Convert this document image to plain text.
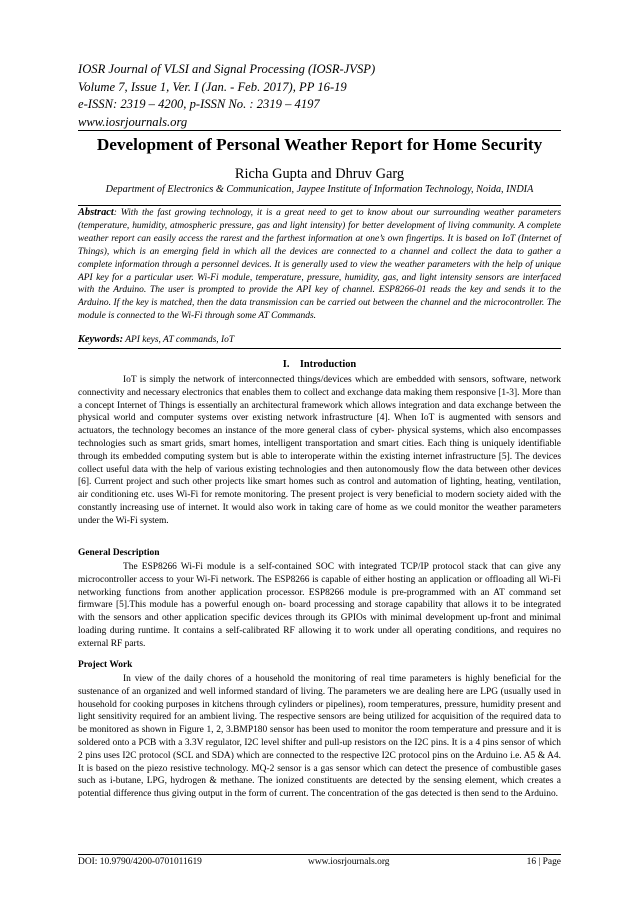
IOSR Journal of VLSI and Signal Processing (IOSR-JVSP)
Volume 7, Issue 1, Ver. I (Jan. - Feb. 2017), PP 16-19
e-ISSN: 2319 – 4200, p-ISSN No. : 2319 – 4197
www.iosrjournals.org
Development of Personal Weather Report for Home Security
Richa Gupta and Dhruv Garg
Department of Electronics & Communication, Jaypee Institute of Information Technology, Noida, INDIA
Abstract: With the fast growing technology, it is a great need to get to know about our surrounding weather parameters (temperature, humidity, atmospheric pressure, gas and light intensity) for better development of living community. A complete weather report can easily access the rarest and the farthest information at one’s own fingertips. It is based on IoT (Internet of Things), which is an emerging field in which all the devices are connected to a channel and collect the data to gather a complete information through a personnel devices. It is generally used to view the weather parameters with the help of unique API key for a particular user. Wi-Fi module, temperature, pressure, humidity, gas, and light intensity sensors are interfaced with the Arduino. The user is prompted to provide the API key of channel. ESP8266-01 reads the key and sends it to the Arduino. If the key is matched, then the data transmission can be carried out between the channel and the microcontroller. The module is connected to the Wi-Fi through some AT Commands.
Keywords: API keys, AT commands, IoT
I.    Introduction
IoT is simply the network of interconnected things/devices which are embedded with sensors, software, network connectivity and necessary electronics that enables them to collect and exchange data making them responsive [1-3]. More than a concept Internet of Things is essentially an architectural framework which allows integration and data exchange between the physical world and computer systems over existing network infrastructure [4]. When IoT is augmented with sensors and actuators, the technology becomes an instance of the more general class of cyber- physical systems, which also encompasses technologies such as smart grids, smart homes, intelligent transportation and smart cities. Each thing is uniquely identifiable through its embedded computing system but is able to interoperate within the existing internet infrastructure [5]. The devices collect useful data with the help of various existing technologies and then autonomously flow the data between other devices [6]. Current project and such other projects like smart homes such as control and automation of lighting, heating, ventilation, air conditioning etc. uses Wi-Fi for remote monitoring. The present project is very beneficial to modern society aided with the constantly increasing use of internet. It would also work in taking care of home as we could monitor the weather parameters under the Wi-Fi system.
General Description
The ESP8266 Wi-Fi module is a self-contained SOC with integrated TCP/IP protocol stack that can give any microcontroller access to your Wi-Fi network. The ESP8266 is capable of either hosting an application or offloading all Wi-Fi networking functions from another application processor. ESP8266 module is pre-programmed with an AT command set firmware [5].This module has a powerful enough on- board processing and storage capability that allows it to be integrated with the sensors and other application specific devices through its GPIOs with minimal development up-front and minimal loading during runtime. It contains a self-calibrated RF allowing it to work under all operating conditions, and requires no external RF parts.
Project Work
In view of the daily chores of a household the monitoring of real time parameters is highly beneficial for the sustenance of an organized and well informed standard of living. The parameters we are dealing here are LPG (usually used in household for cooking purposes in kitchens through cylinders or pipelines), room temperatures, pressure, humidity present and light sensitivity required for an ambient living. The respective sensors are being utilized for acquisition of the required data to be monitored as shown in Figure 1, 2, 3.BMP180 sensor has been used to monitor the room temperature and pressure and it is soldered onto a PCB with a 3.3V regulator, I2C level shifter and pull-up resistors on the I2C pins. It is a 4 pins sensor of which 2 pins uses I2C protocol (SCL and SDA) which are connected to the respective I2C protocol pins on the Arduino i.e. A5 & A4. It is based on the piezo resistive technology. MQ-2 sensor is a gas sensor which can detect the presence of combustible gases such as i-butane, LPG, hydrogen & methane. The ionized constituents are detected by the sensing element, which creates a potential difference thus giving output in the form of current. The concentration of the gas detected is then send to the Arduino.
DOI: 10.9790/4200-0701011619	www.iosrjournals.org	16 | Page
